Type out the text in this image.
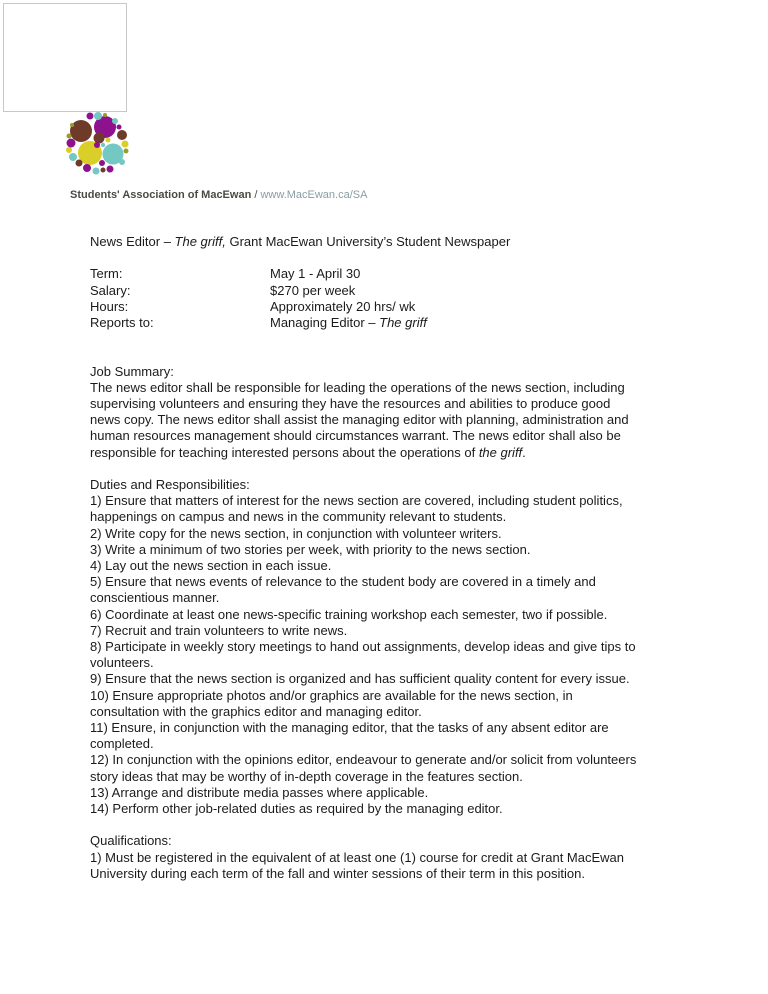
Students' Association of MacEwan / www.MacEwan.ca/SA
News Editor – The griff, Grant MacEwan University’s Student Newspaper
Term:	May 1 - April 30
Salary:	$270 per week
Hours:	Approximately 20 hrs/ wk
Reports to:	Managing Editor – The griff
Job Summary:
The news editor shall be responsible for leading the operations of the news section, including
supervising volunteers and ensuring they have the resources and abilities to produce good
news copy. The news editor shall assist the managing editor with planning, administration and
human resources management should circumstances warrant. The news editor shall also be
responsible for teaching interested persons about the operations of the griff.
Duties and Responsibilities:
1) Ensure that matters of interest for the news section are covered, including student politics,
happenings on campus and news in the community relevant to students.
2) Write copy for the news section, in conjunction with volunteer writers.
3) Write a minimum of two stories per week, with priority to the news section.
4) Lay out the news section in each issue.
5) Ensure that news events of relevance to the student body are covered in a timely and
conscientious manner.
6) Coordinate at least one news-specific training workshop each semester, two if possible.
7) Recruit and train volunteers to write news.
8) Participate in weekly story meetings to hand out assignments, develop ideas and give tips to
volunteers.
9) Ensure that the news section is organized and has sufficient quality content for every issue.
10) Ensure appropriate photos and/or graphics are available for the news section, in
consultation with the graphics editor and managing editor.
11) Ensure, in conjunction with the managing editor, that the tasks of any absent editor are
completed.
12) In conjunction with the opinions editor, endeavour to generate and/or solicit from volunteers
story ideas that may be worthy of in-depth coverage in the features section.
13) Arrange and distribute media passes where applicable.
14) Perform other job-related duties as required by the managing editor.
Qualifications:
1) Must be registered in the equivalent of at least one (1) course for credit at Grant MacEwan
University during each term of the fall and winter sessions of their term in this position.
